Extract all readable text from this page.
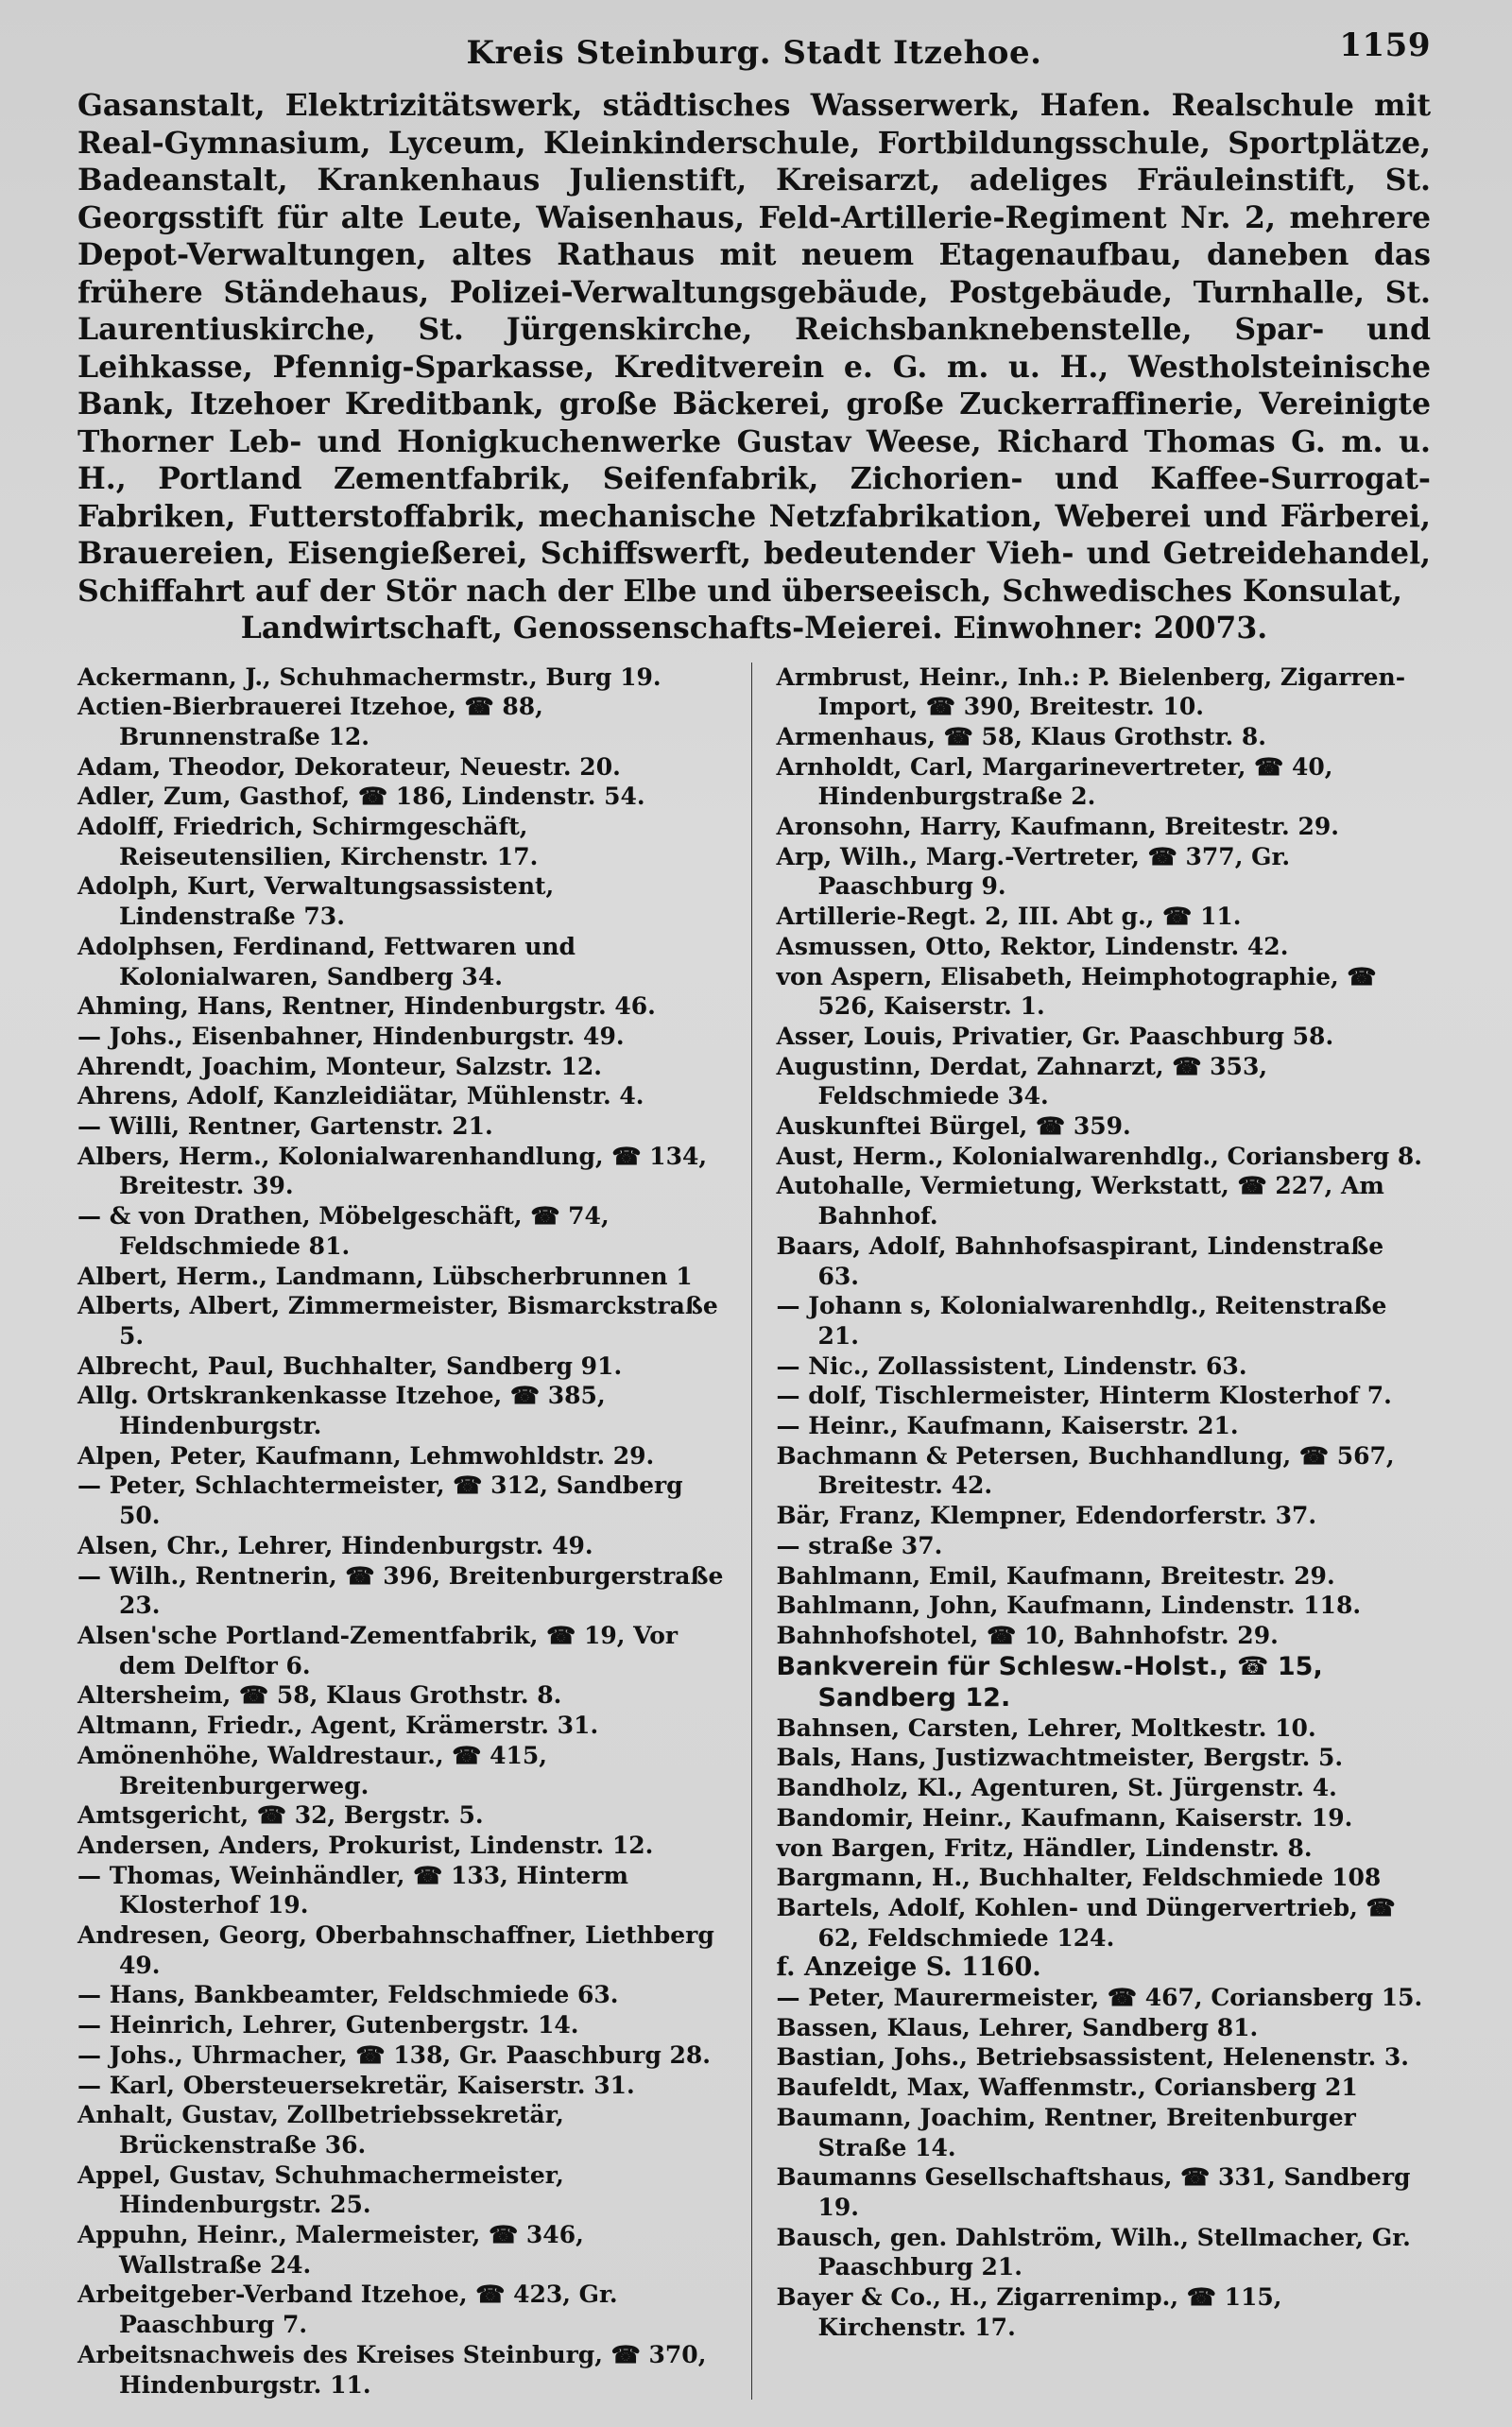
Kreis Steinburg. Stadt Itzehoe.	1159
Gasanstalt, Elektrizitätswerk, städtisches Wasserwerk, Hafen. Realschule mit Real-Gymnasium, Lyceum, Kleinkinderschule, Fortbildungsschule, Sportplätze, Badeanstalt, Krankenhaus Julienstift, Kreisarzt, adeliges Fräuleinstift, St. Georgsstift für alte Leute, Waisenhaus, Feld-Artillerie-Regiment Nr. 2, mehrere Depot-Verwaltungen, altes Rathaus mit neuem Etagenaufbau, daneben das frühere Ständehaus, Polizei-Verwaltungsgebäude, Postgebäude, Turnhalle, St. Laurentiuskirche, St. Jürgenskirche, Reichsbanknebenstelle, Spar- und Leihkasse, Pfennig-Sparkasse, Kreditverein e. G. m. u. H., Westholsteinische Bank, Itzehoer Kreditbank, große Bäckerei, große Zuckerraffinerie, Vereinigte Thorner Leb- und Honigkuchenwerke Gustav Weese, Richard Thomas G. m. u. H., Portland Zementfabrik, Seifenfabrik, Zichorien- und Kaffee-Surrogat-Fabriken, Futterstoffabrik, mechanische Netzfabrikation, Weberei und Färberei, Brauereien, Eisengießerei, Schiffswerft, bedeutender Vieh- und Getreidehandel, Schiffahrt auf der Stör nach der Elbe und überseeisch, Schwedisches Konsulat,
Landwirtschaft, Genossenschafts-Meierei. Einwohner: 20073.
Ackermann, J., Schuhmachermstr., Burg 19.
Actien-Bierbrauerei Itzehoe, ☎ 88, Brunnenstraße 12.
Adam, Theodor, Dekorateur, Neuestr. 20.
Adler, Zum, Gasthof, ☎ 186, Lindenstr. 54.
Adolff, Friedrich, Schirmgeschäft, Reiseutensilien, Kirchenstr. 17.
Adolph, Kurt, Verwaltungsassistent, Lindenstraße 73.
Adolphsen, Ferdinand, Fettwaren und Kolonialwaren, Sandberg 34.
Ahming, Hans, Rentner, Hindenburgstr. 46.
— Johs., Eisenbahner, Hindenburgstr. 49.
Ahrendt, Joachim, Monteur, Salzstr. 12.
Ahrens, Adolf, Kanzleidiätar, Mühlenstr. 4.
— Willi, Rentner, Gartenstr. 21.
Albers, Herm., Kolonialwarenhandlung, ☎ 134, Breitestr. 39.
— & von Drathen, Möbelgeschäft, ☎ 74, Feldschmiede 81.
Albert, Herm., Landmann, Lübscherbrunnen 1
Alberts, Albert, Zimmermeister, Bismarckstraße 5.
Albrecht, Paul, Buchhalter, Sandberg 91.
Allg. Ortskrankenkasse Itzehoe, ☎ 385, Hindenburgstr.
Alpen, Peter, Kaufmann, Lehmwohldstr. 29.
— Peter, Schlachtermeister, ☎ 312, Sandberg 50.
Alsen, Chr., Lehrer, Hindenburgstr. 49.
— Wilh., Rentnerin, ☎ 396, Breitenburgerstraße 23.
Alsen'sche Portland-Zementfabrik, ☎ 19, Vor dem Delftor 6.
Altersheim, ☎ 58, Klaus Grothstr. 8.
Altmann, Friedr., Agent, Krämerstr. 31.
Amönenhöhe, Waldrestaur., ☎ 415, Breitenburgerweg.
Amtsgericht, ☎ 32, Bergstr. 5.
Andersen, Anders, Prokurist, Lindenstr. 12.
— Thomas, Weinhändler, ☎ 133, Hinterm Klosterhof 19.
Andresen, Georg, Oberbahnschaffner, Liethberg 49.
— Hans, Bankbeamter, Feldschmiede 63.
— Heinrich, Lehrer, Gutenbergstr. 14.
— Johs., Uhrmacher, ☎ 138, Gr. Paaschburg 28.
— Karl, Obersteuersekretär, Kaiserstr. 31.
Anhalt, Gustav, Zollbetriebssekretär, Brückenstraße 36.
Appel, Gustav, Schuhmachermeister, Hindenburgstr. 25.
Appuhn, Heinr., Malermeister, ☎ 346, Wallstraße 24.
Arbeitgeber-Verband Itzehoe, ☎ 423, Gr. Paaschburg 7.
Arbeitsnachweis des Kreises Steinburg, ☎ 370, Hindenburgstr. 11.
Armbrust, Heinr., Inh.: P. Bielenberg, Zigarren-Import, ☎ 390, Breitestr. 10.
Armenhaus, ☎ 58, Klaus Grothstr. 8.
Arnholdt, Carl, Margarinevertreter, ☎ 40, Hindenburgstraße 2.
Aronsohn, Harry, Kaufmann, Breitestr. 29.
Arp, Wilh., Marg.-Vertreter, ☎ 377, Gr. Paaschburg 9.
Artillerie-Regt. 2, III. Abt g., ☎ 11.
Asmussen, Otto, Rektor, Lindenstr. 42.
von Aspern, Elisabeth, Heimphotographie, ☎ 526, Kaiserstr. 1.
Asser, Louis, Privatier, Gr. Paaschburg 58.
Augustinn, Derdat, Zahnarzt, ☎ 353, Feldschmiede 34.
Auskunftei Bürgel, ☎ 359.
Aust, Herm., Kolonialwarenhdlg., Coriansberg 8.
Autohalle, Vermietung, Werkstatt, ☎ 227, Am Bahnhof.
Baars, Adolf, Bahnhofsaspirant, Lindenstraße 63.
— Johann s, Kolonialwarenhdlg., Reitenstraße 21.
— Nic., Zollassistent, Lindenstr. 63.
— dolf, Tischlermeister, Hinterm Klosterhof 7.
— Heinr., Kaufmann, Kaiserstr. 21.
Bachmann & Petersen, Buchhandlung, ☎ 567, Breitestr. 42.
Bär, Franz, Klempner, Edendorferstr. 37.
— straße 37.
Bahlmann, Emil, Kaufmann, Breitestr. 29.
Bahlmann, John, Kaufmann, Lindenstr. 118.
Bahnhofshotel, ☎ 10, Bahnhofstr. 29.
Bankverein für Schlesw.-Holst., ☎ 15, Sandberg 12.
Bahnsen, Carsten, Lehrer, Moltkestr. 10.
Bals, Hans, Justizwachtmeister, Bergstr. 5.
Bandholz, Kl., Agenturen, St. Jürgenstr. 4.
Bandomir, Heinr., Kaufmann, Kaiserstr. 19.
von Bargen, Fritz, Händler, Lindenstr. 8.
Bargmann, H., Buchhalter, Feldschmiede 108
Bartels, Adolf, Kohlen- und Düngervertrieb, ☎ 62, Feldschmiede 124.
f. Anzeige S. 1160.
— Peter, Maurermeister, ☎ 467, Coriansberg 15.
Bassen, Klaus, Lehrer, Sandberg 81.
Bastian, Johs., Betriebsassistent, Helenenstr. 3.
Baufeldt, Max, Waffenmstr., Coriansberg 21
Baumann, Joachim, Rentner, Breitenburger Straße 14.
Baumanns Gesellschaftshaus, ☎ 331, Sandberg 19.
Bausch, gen. Dahlström, Wilh., Stellmacher, Gr. Paaschburg 21.
Bayer & Co., H., Zigarrenimp., ☎ 115, Kirchenstr. 17.
